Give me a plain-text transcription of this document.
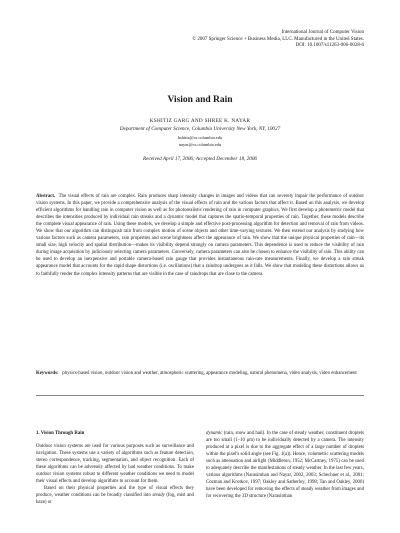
International Journal of Computer Vision
© 2007 Springer Science + Business Media, LLC. Manufactured in the United States.
DOI: 10.1007/s11263-006-0028-6
Vision and Rain
KSHITIZ GARG AND SHREE K. NAYAR
Department of Computer Science, Columbia University New York, NY, 10027
kshitiz@cs.columbia.edu
nayar@cs.columbia.edu
Received April 17, 2006; Accepted December 18, 2006
Abstract. The visual effects of rain are complex. Rain produces sharp intensity changes in images and videos that can severely impair the performance of outdoor vision systems. In this paper, we provide a comprehensive analysis of the visual effects of rain and the various factors that affect it. Based on this analysis, we develop efficient algorithms for handling rain in computer vision as well as for photorealistic rendering of rain in computer graphics. We first develop a photometric model that describes the intensities produced by individual rain streaks and a dynamic model that captures the spatio-temporal properties of rain. Together, these models describe the complete visual appearance of rain. Using these models, we develop a simple and effective post-processing algorithm for detection and removal of rain from videos. We show that our algorithm can distinguish rain from complex motion of scene objects and other time-varying textures. We then extend our analysis by studying how various factors such as camera parameters, rain properties and scene brightness affect the appearance of rain. We show that the unique physical properties of rain—its small size, high velocity and spatial distribution—makes its visibility depend strongly on camera parameters. This dependence is used to reduce the visibility of rain during image acquisition by judiciously selecting camera parameters. Conversely, camera parameters can also be chosen to enhance the visibility of rain. This ability can be used to develop an inexpensive and portable camera-based rain gauge that provides instantaneous rain-rate measurements. Finally, we develop a rain streak appearance model that accounts for the rapid shape distortions (i.e. oscillations) that a raindrop undergoes as it falls. We show that modeling these distortions allows us to faithfully render the complex intensity patterns that are visible in the case of raindrops that are close to the camera.
Keywords: physics-based vision, outdoor vision and weather, atmospheric scattering, appearance modeling, natural phenomena, video analysis, video enhancement
1. Vision Through Rain
Outdoor vision systems are used for various purposes such as surveillance and navigation. These systems use a variety of algorithms such as feature detection, stereo correspondence, tracking, segmentation, and object recognition. Each of these algorithms can be adversely affected by bad weather conditions. To make outdoor vision systems robust to different weather conditions we need to model their visual effects and develop algorithms to account for them.
Based on their physical properties and the type of visual effects they produce, weather conditions can be broadly classified into steady (fog, mist and haze) or
dynamic (rain, snow and hail). In the case of steady weather, constituent droplets are too small (1–10 μm) to be individually detected by a camera. The intensity produced at a pixel is due to the aggregate effect of a large number of droplets within the pixel's solid angle (see Fig. 1(a)). Hence, volumetric scattering models such as attenuation and airlight (Middleton, 1952; McCartney, 1975) can be used to adequately describe the manifestations of steady weather. In the last few years, various algorithms (Narasimhan and Nayar, 2002, 2003; Schechner et al., 2001; Cozman and Krotkov, 1997; Oakley and Satherley, 1998; Tan and Oakley, 2000) have been developed for removing the effects of steady weather from images and for recovering the 3D structure (Narasimhan
